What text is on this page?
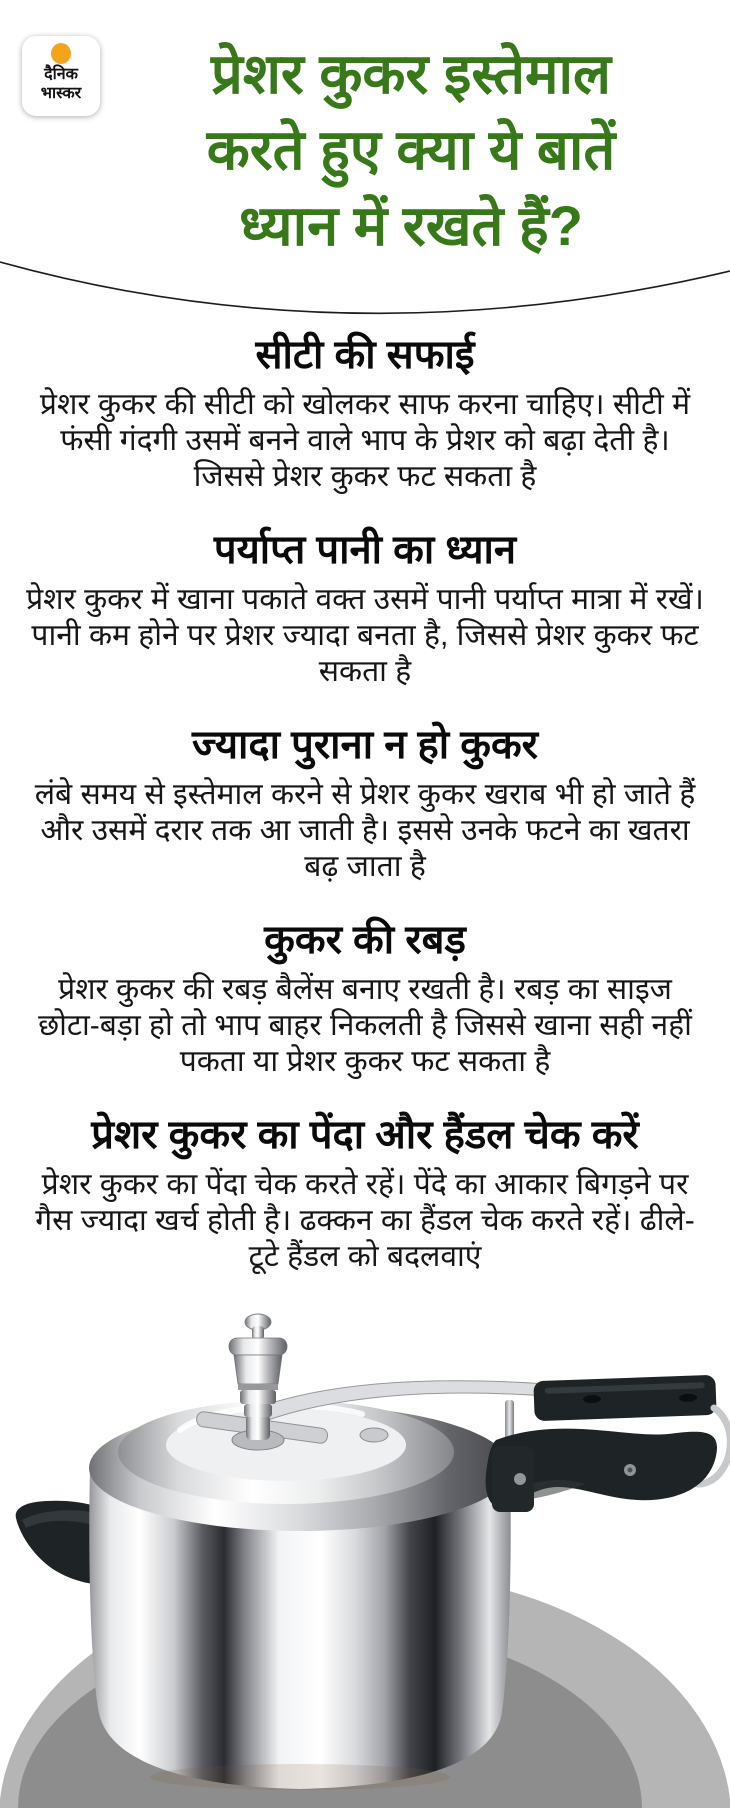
दैनिक
भास्कर	प्रेशर कुकर इस्तेमाल
करते हुए क्या ये बातें
ध्यान में रखते हैं?
सीटी की सफाई

प्रेशर कुकर की सीटी को खोलकर साफ करना चाहिए। सीटी में फंसी गंदगी उसमें बनने वाले भाप के प्रेशर को बढ़ा देती है। जिससे प्रेशर कुकर फट सकता है

पर्याप्त पानी का ध्यान

प्रेशर कुकर में खाना पकाते वक्त उसमें पानी पर्याप्त मात्रा में रखें। पानी कम होने पर प्रेशर ज्यादा बनता है, जिससे प्रेशर कुकर फट सकता है

ज्यादा पुराना न हो कुकर

लंबे समय से इस्तेमाल करने से प्रेशर कुकर खराब भी हो जाते हैं और उसमें दरार तक आ जाती है। इससे उनके फटने का खतरा बढ़ जाता है

कुकर की रबड़

प्रेशर कुकर की रबड़ बैलेंस बनाए रखती है। रबड़ का साइज छोटा-बड़ा हो तो भाप बाहर निकलती है जिससे खाना सही नहीं पकता या प्रेशर कुकर फट सकता है

प्रेशर कुकर का पेंदा और हैंडल चेक करें

प्रेशर कुकर का पेंदा चेक करते रहें। पेंदे का आकार बिगड़ने पर गैस ज्यादा खर्च होती है। ढक्कन का हैंडल चेक करते रहें। ढीले-टूटे हैंडल को बदलवाएं
